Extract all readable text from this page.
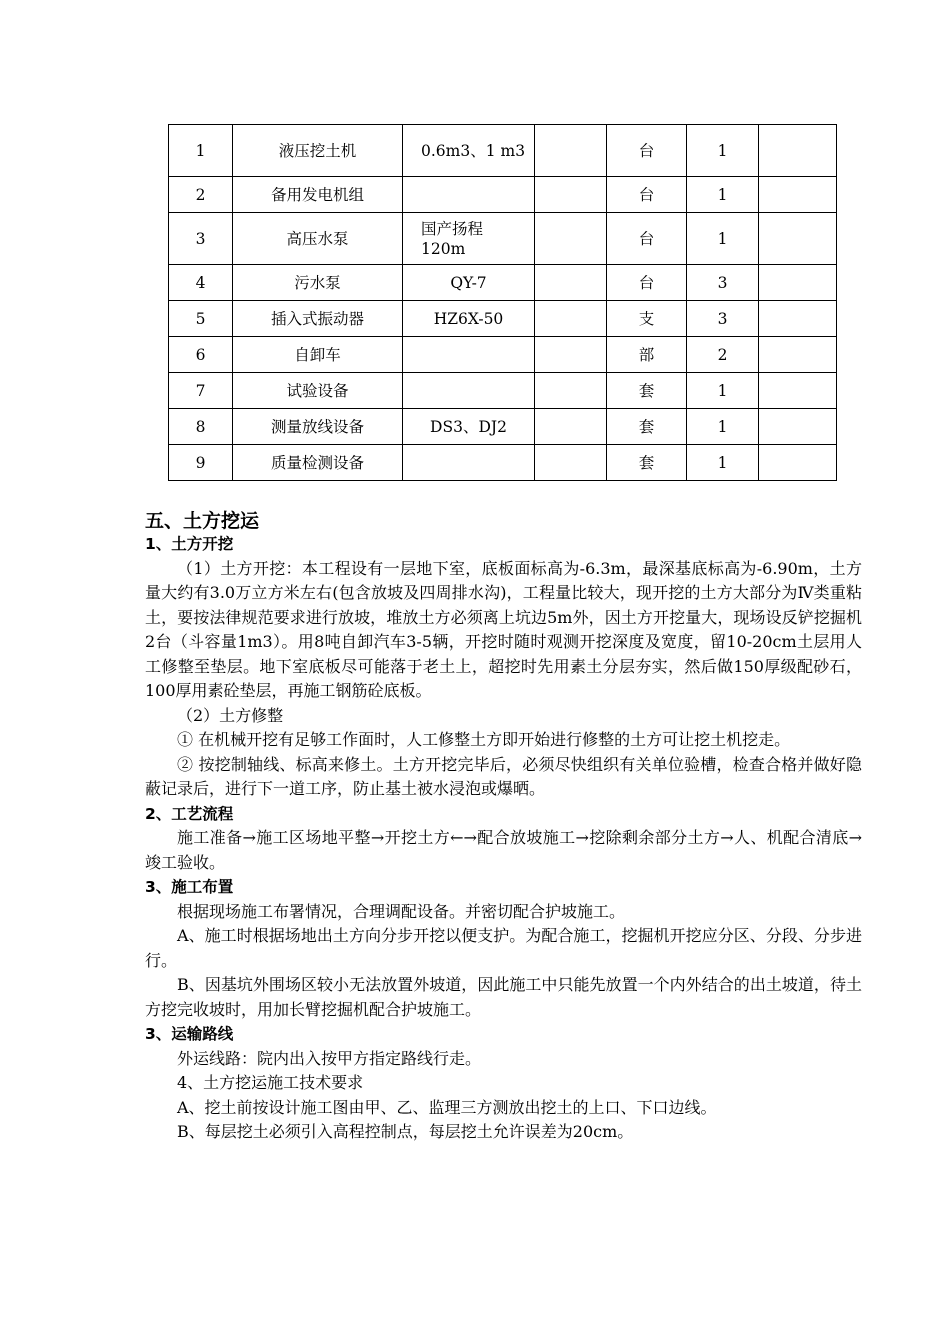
1	液压挖土机	0.6m3、1 m3		台	1	
2	备用发电机组			台	1	
3	高压水泵	国产扬程 120m		台	1	
4	污水泵	QY-7		台	3	
5	插入式振动器	HZ6X-50		支	3	
6	自卸车			部	2	
7	试验设备			套	1	
8	测量放线设备	DS3、DJ2		套	1	
9	质量检测设备			套	1	
五、土方挖运
1、土方开挖
（1）土方开挖：本工程设有一层地下室，底板面标高为-6.3m，最深基底标高为-6.90m，土方量大约有3.0万立方米左右(包含放坡及四周排水沟)，工程量比较大，现开挖的土方大部分为Ⅳ类重粘土，要按法律规范要求进行放坡，堆放土方必须离上坑边5m外，因土方开挖量大，现场设反铲挖掘机2台（斗容量1m3）。用8吨自卸汽车3-5辆，开挖时随时观测开挖深度及宽度，留10-20cm土层用人工修整至垫层。地下室底板尽可能落于老土上，超挖时先用素土分层夯实，然后做150厚级配砂石，100厚用素砼垫层，再施工钢筋砼底板。
（2）土方修整
① 在机械开挖有足够工作面时，人工修整土方即开始进行修整的土方可让挖土机挖走。
② 按挖制轴线、标高来修土。土方开挖完毕后，必须尽快组织有关单位验槽，检查合格并做好隐蔽记录后，进行下一道工序，防止基土被水浸泡或爆晒。
2、工艺流程
施工准备→施工区场地平整→开挖土方←→配合放坡施工→挖除剩余部分土方→人、机配合清底→竣工验收。
3、施工布置
根据现场施工布署情况，合理调配设备。并密切配合护坡施工。
A、施工时根据场地出土方向分步开挖以便支护。为配合施工，挖掘机开挖应分区、分段、分步进行。
B、因基坑外围场区较小无法放置外坡道，因此施工中只能先放置一个内外结合的出土坡道，待土方挖完收坡时，用加长臂挖掘机配合护坡施工。
3、运输路线
外运线路：院内出入按甲方指定路线行走。
4、土方挖运施工技术要求
A、挖土前按设计施工图由甲、乙、监理三方测放出挖土的上口、下口边线。
B、每层挖土必须引入高程控制点，每层挖土允许误差为20cm。
